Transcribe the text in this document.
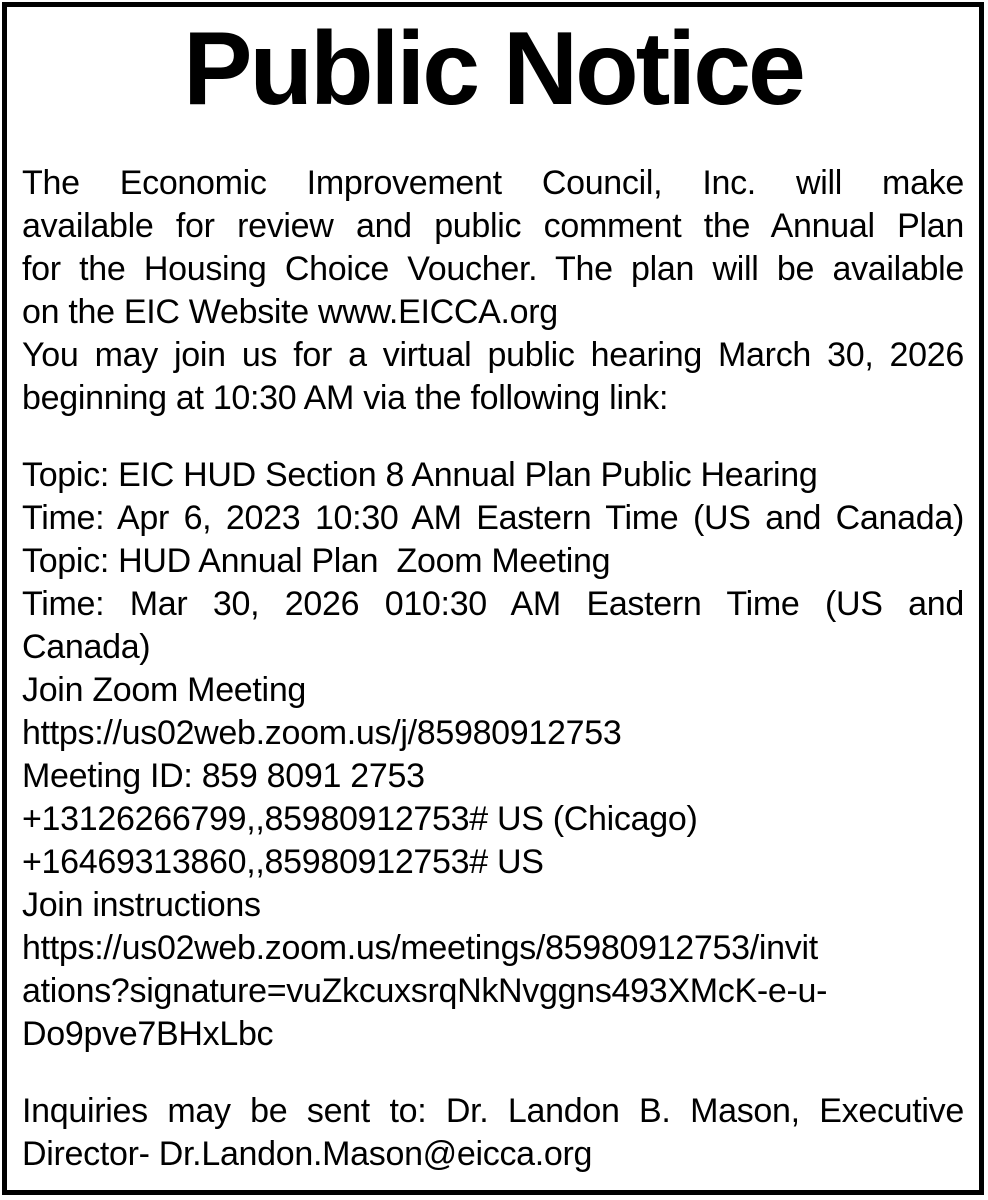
Public Notice
The Economic Improvement Council, Inc. will make
available for review and public comment the Annual Plan
for the Housing Choice Voucher. The plan will be available
on the EIC Website www.EICCA.org
You may join us for a virtual public hearing March 30, 2026
beginning at 10:30 AM via the following link:
Topic: EIC HUD Section 8 Annual Plan Public Hearing
Time: Apr 6, 2023 10:30 AM Eastern Time (US and Canada)
Topic: HUD Annual Plan  Zoom Meeting
Time: Mar 30, 2026 010:30 AM Eastern Time (US and
Canada)
Join Zoom Meeting
https://us02web.zoom.us/j/85980912753
Meeting ID: 859 8091 2753
+13126266799,,85980912753# US (Chicago)
+16469313860,,85980912753# US
Join instructions
https://us02web.zoom.us/meetings/85980912753/invit
ations?signature=vuZkcuxsrqNkNvggns493XMcK-e-u-
Do9pve7BHxLbc
Inquiries may be sent to: Dr. Landon B. Mason, Executive
Director- Dr.Landon.Mason@eicca.org
